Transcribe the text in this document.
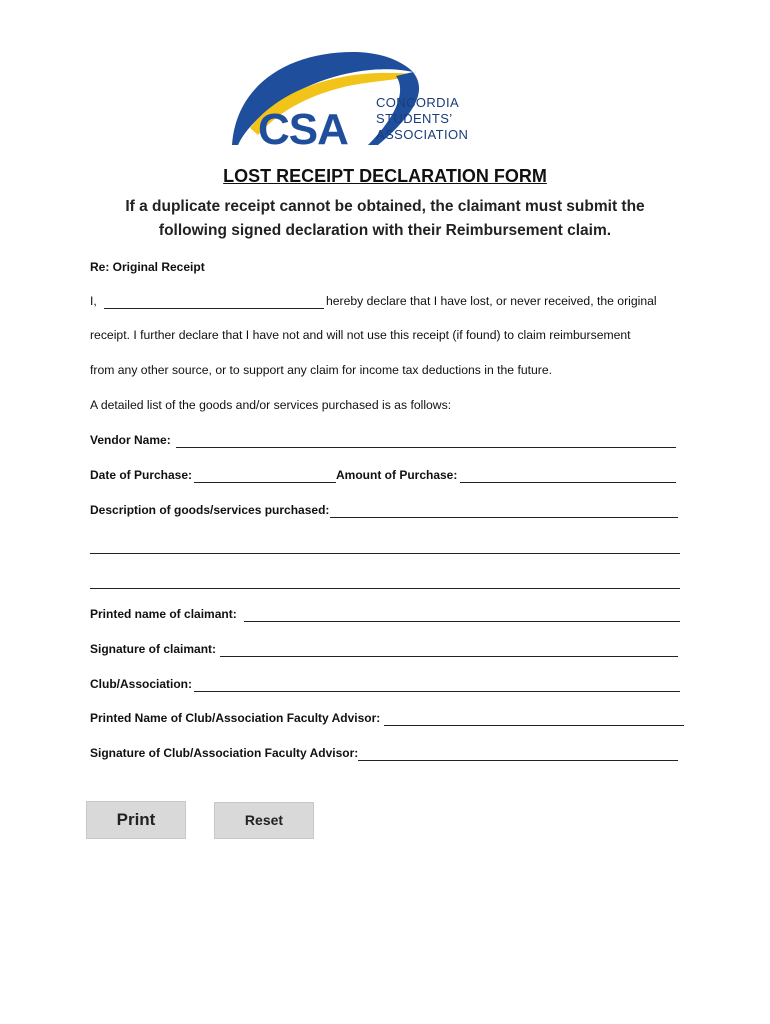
CSA
CONCORDIA
STUDENTS’
ASSOCIATION
LOST RECEIPT DECLARATION FORM
If a duplicate receipt cannot be obtained, the claimant must submit the
following signed declaration with their Reimbursement claim.
Re: Original Receipt
I,	hereby declare that I have lost, or never received, the original
receipt. I further declare that I have not and will not use this receipt (if found) to claim reimbursement
from any other source, or to support any claim for income tax deductions in the future.
A detailed list of the goods and/or services purchased is as follows:
Vendor Name:
Date of Purchase:	Amount of Purchase:
Description of goods/services purchased:
Printed name of claimant:
Signature of claimant:
Club/Association:
Printed Name of Club/Association Faculty Advisor:
Signature of Club/Association Faculty Advisor:
Print	Reset
